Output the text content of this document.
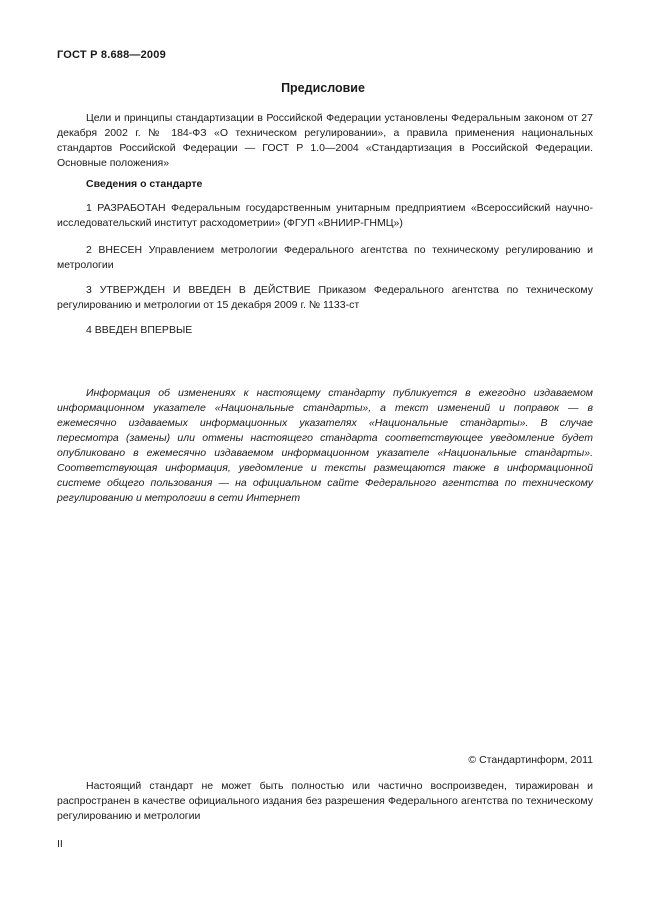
ГОСТ Р 8.688—2009
Предисловие
Цели и принципы стандартизации в Российской Федерации установлены Федеральным законом от 27 декабря 2002 г. № 184-ФЗ «О техническом регулировании», а правила применения национальных стандартов Российской Федерации — ГОСТ Р 1.0—2004 «Стандартизация в Российской Федерации. Основные положения»
Сведения о стандарте
1 РАЗРАБОТАН Федеральным государственным унитарным предприятием «Всероссийский научно-исследовательский институт расходометрии» (ФГУП «ВНИИР-ГНМЦ»)
2 ВНЕСЕН Управлением метрологии Федерального агентства по техническому регулированию и метрологии
3 УТВЕРЖДЕН И ВВЕДЕН В ДЕЙСТВИЕ Приказом Федерального агентства по техническому регулированию и метрологии от 15 декабря 2009 г. № 1133-ст
4 ВВЕДЕН ВПЕРВЫЕ
Информация об изменениях к настоящему стандарту публикуется в ежегодно издаваемом информационном указателе «Национальные стандарты», а текст изменений и поправок — в ежемесячно издаваемых информационных указателях «Национальные стандарты». В случае пересмотра (замены) или отмены настоящего стандарта соответствующее уведомление будет опубликовано в ежемесячно издаваемом информационном указателе «Национальные стандарты». Соответствующая информация, уведомление и тексты размещаются также в информационной системе общего пользования — на официальном сайте Федерального агентства по техническому регулированию и метрологии в сети Интернет
© Стандартинформ, 2011
Настоящий стандарт не может быть полностью или частично воспроизведен, тиражирован и распространен в качестве официального издания без разрешения Федерального агентства по техническому регулированию и метрологии
II
